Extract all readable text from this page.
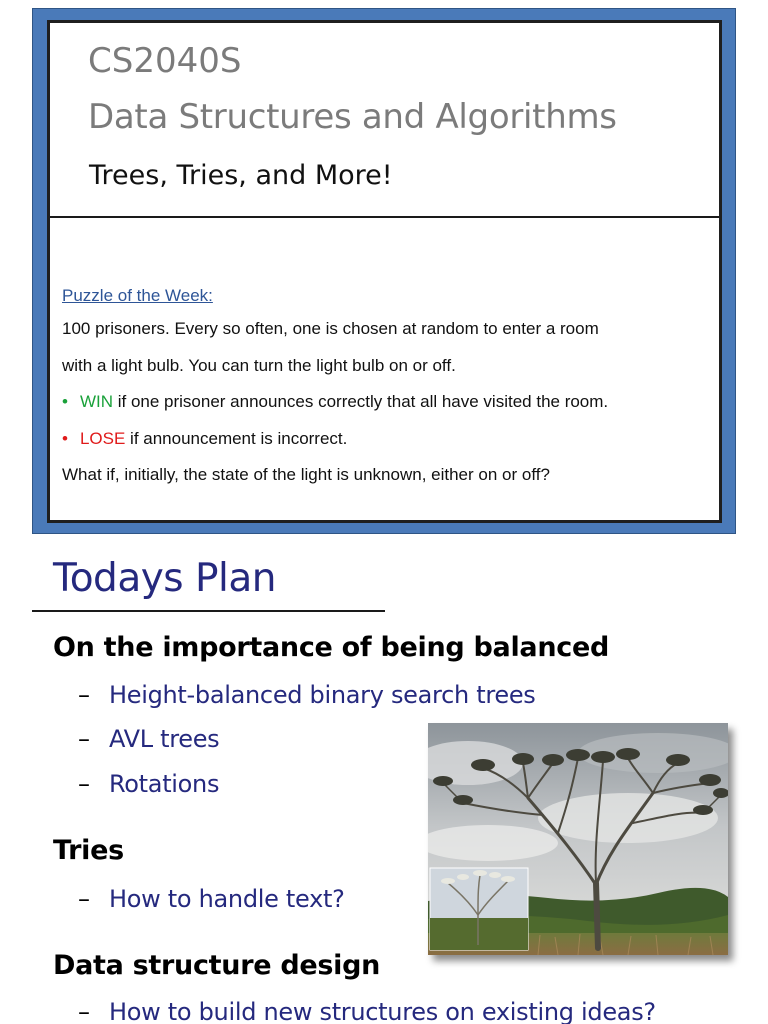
CS2040S
Data Structures and Algorithms
Trees, Tries, and More!
Puzzle of the Week:
100 prisoners. Every so often, one is chosen at random to enter a room
with a light bulb. You can turn the light bulb on or off.
• WIN if one prisoner announces correctly that all have visited the room.
• LOSE if announcement is incorrect.
What if, initially, the state of the light is unknown, either on or off?
Todays Plan
On the importance of being balanced
– Height-balanced binary search trees
– AVL trees
– Rotations
Tries
– How to handle text?
Data structure design
– How to build new structures on existing ideas?
